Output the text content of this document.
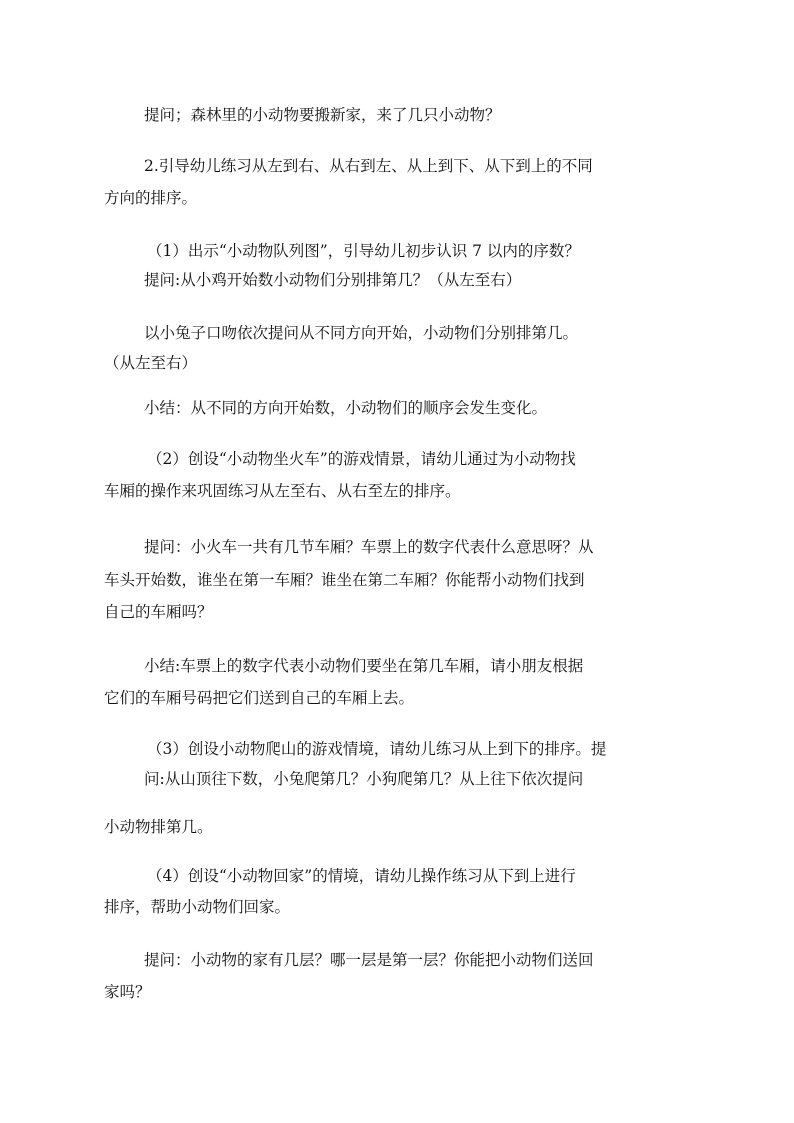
提问；森林里的小动物要搬新家，来了几只小动物？
2.引导幼儿练习从左到右、从右到左、从上到下、从下到上的不同
方向的排序。
（1）出示“小动物队列图”，引导幼儿初步认识 7 以内的序数？
提问:从小鸡开始数小动物们分别排第几？（从左至右）
以小兔子口吻依次提问从不同方向开始，小动物们分别排第几。
（从左至右）
小结：从不同的方向开始数，小动物们的顺序会发生变化。
（2）创设“小动物坐火车”的游戏情景，请幼儿通过为小动物找
车厢的操作来巩固练习从左至右、从右至左的排序。
提问：小火车一共有几节车厢？车票上的数字代表什么意思呀？从
车头开始数，谁坐在第一车厢？谁坐在第二车厢？你能帮小动物们找到
自己的车厢吗？
小结:车票上的数字代表小动物们要坐在第几车厢，请小朋友根据
它们的车厢号码把它们送到自己的车厢上去。
（3）创设小动物爬山的游戏情境，请幼儿练习从上到下的排序。提
问:从山顶往下数，小兔爬第几？小狗爬第几？从上往下依次提问
小动物排第几。
（4）创设“小动物回家”的情境，请幼儿操作练习从下到上进行
排序，帮助小动物们回家。
提问：小动物的家有几层？哪一层是第一层？你能把小动物们送回
家吗？
